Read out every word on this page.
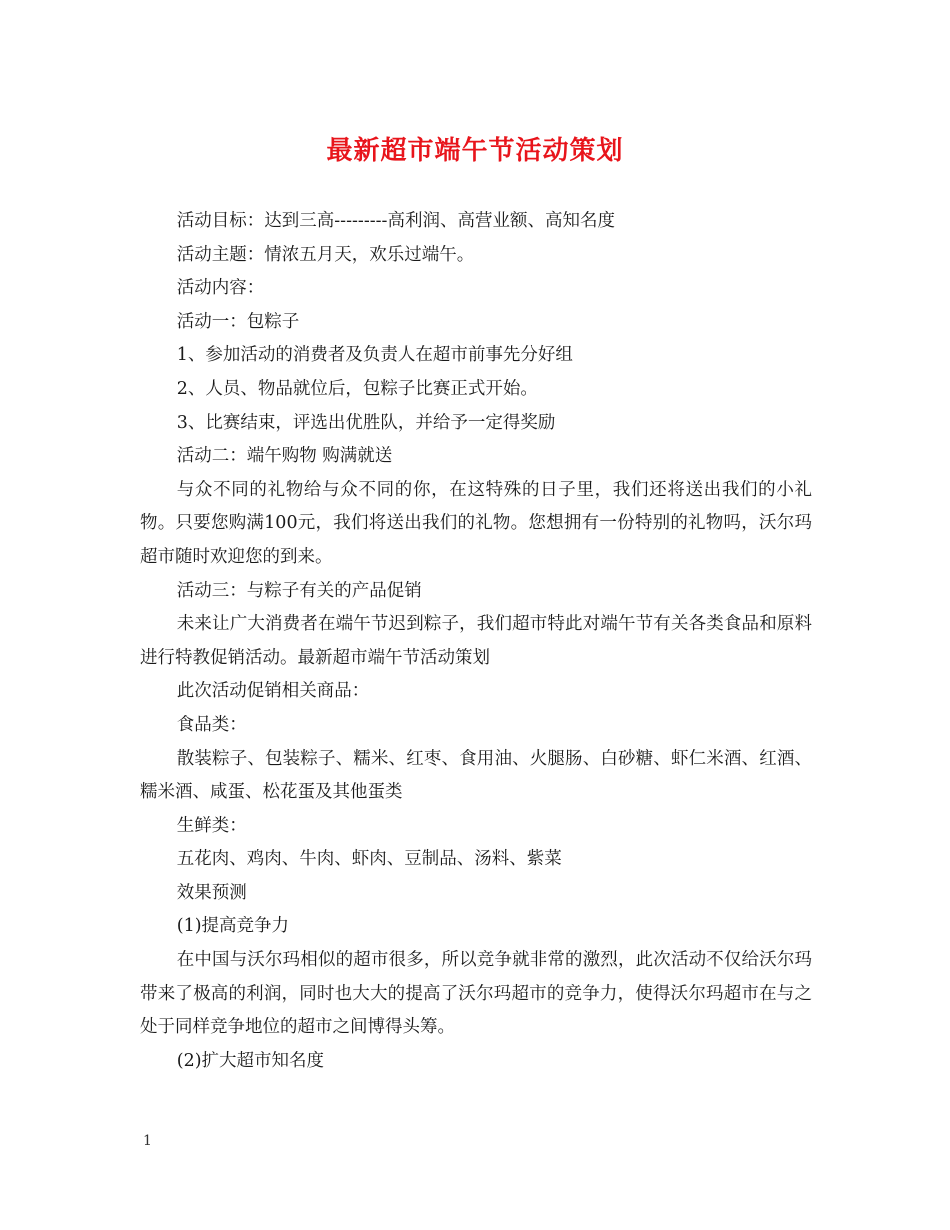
最新超市端午节活动策划

活动目标：达到三高---------高利润、高营业额、高知名度

活动主题：情浓五月天，欢乐过端午。

活动内容：

活动一：包粽子

1、参加活动的消费者及负责人在超市前事先分好组

2、人员、物品就位后，包粽子比赛正式开始。

3、比赛结束，评选出优胜队，并给予一定得奖励

活动二：端午购物 购满就送

与众不同的礼物给与众不同的你，在这特殊的日子里，我们还将送出我们的小礼物。只要您购满100元，我们将送出我们的礼物。您想拥有一份特别的礼物吗，沃尔玛超市随时欢迎您的到来。

活动三：与粽子有关的产品促销

未来让广大消费者在端午节迟到粽子，我们超市特此对端午节有关各类食品和原料进行特教促销活动。最新超市端午节活动策划

此次活动促销相关商品：

食品类：

散装粽子、包装粽子、糯米、红枣、食用油、火腿肠、白砂糖、虾仁米酒、红酒、糯米酒、咸蛋、松花蛋及其他蛋类

生鲜类：

五花肉、鸡肉、牛肉、虾肉、豆制品、汤料、紫菜

效果预测

(1)提高竞争力

在中国与沃尔玛相似的超市很多，所以竞争就非常的激烈，此次活动不仅给沃尔玛带来了极高的利润，同时也大大的提高了沃尔玛超市的竞争力，使得沃尔玛超市在与之处于同样竞争地位的超市之间博得头筹。

(2)扩大超市知名度

1
